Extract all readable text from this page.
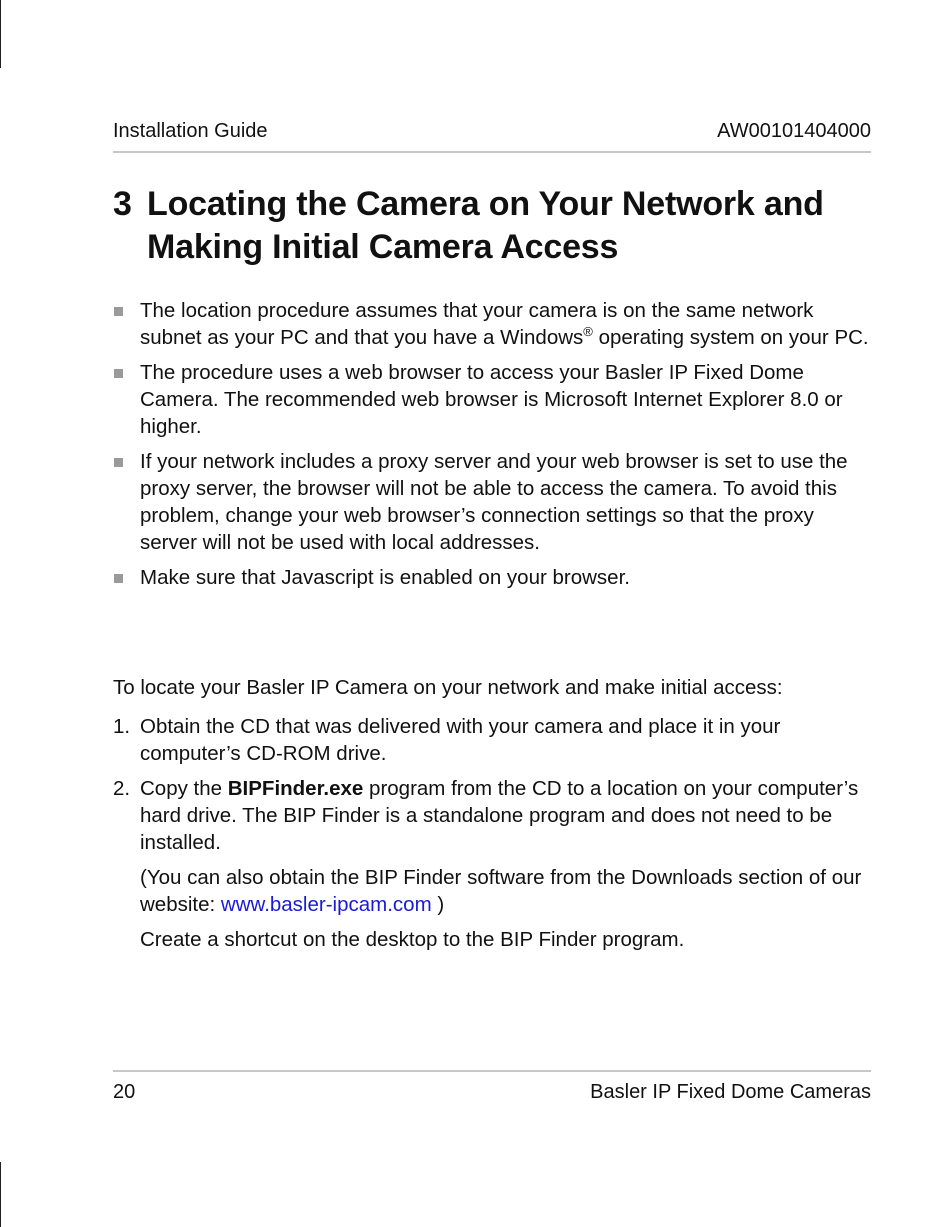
Installation Guide	AW00101404000
3 Locating the Camera on Your Network and Making Initial Camera Access
The location procedure assumes that your camera is on the same network subnet as your PC and that you have a Windows® operating system on your PC.
The procedure uses a web browser to access your Basler IP Fixed Dome Camera. The recommended web browser is Microsoft Internet Explorer 8.0 or higher.
If your network includes a proxy server and your web browser is set to use the proxy server, the browser will not be able to access the camera. To avoid this problem, change your web browser’s connection settings so that the proxy server will not be used with local addresses.
Make sure that Javascript is enabled on your browser.
To locate your Basler IP Camera on your network and make initial access:
1. Obtain the CD that was delivered with your camera and place it in your computer’s CD-ROM drive.
2. Copy the BIPFinder.exe program from the CD to a location on your computer’s hard drive. The BIP Finder is a standalone program and does not need to be installed.

(You can also obtain the BIP Finder software from the Downloads section of our website: www.basler-ipcam.com )

Create a shortcut on the desktop to the BIP Finder program.

20	Basler IP Fixed Dome Cameras
